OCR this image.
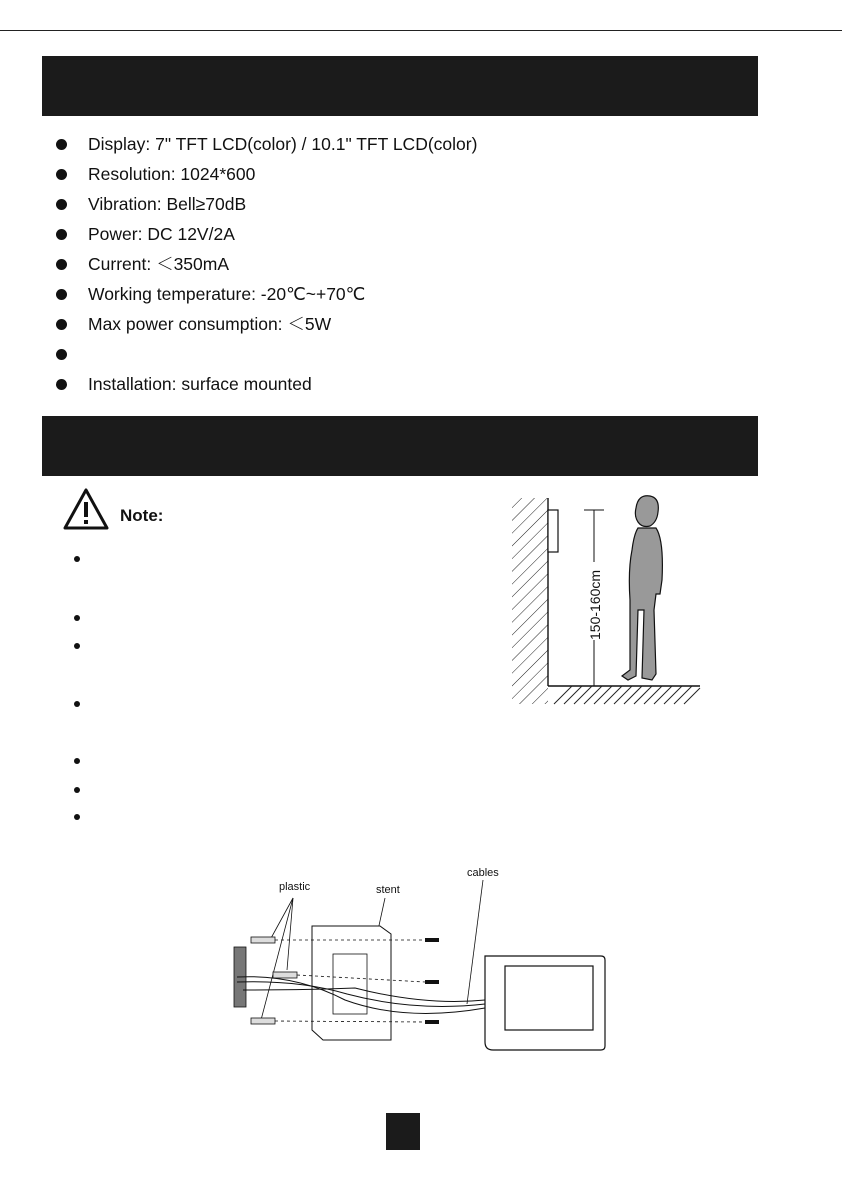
Display: 7" TFT LCD(color) / 10.1" TFT LCD(color)
Resolution: 1024*600
Vibration: Bell≥70dB
Power: DC 12V/2A
Current: ＜350mA
Working temperature: -20℃~+70℃
Max power consumption: ＜5W
Installation: surface mounted
Note:
150-160cm
plastic	stent
cables
